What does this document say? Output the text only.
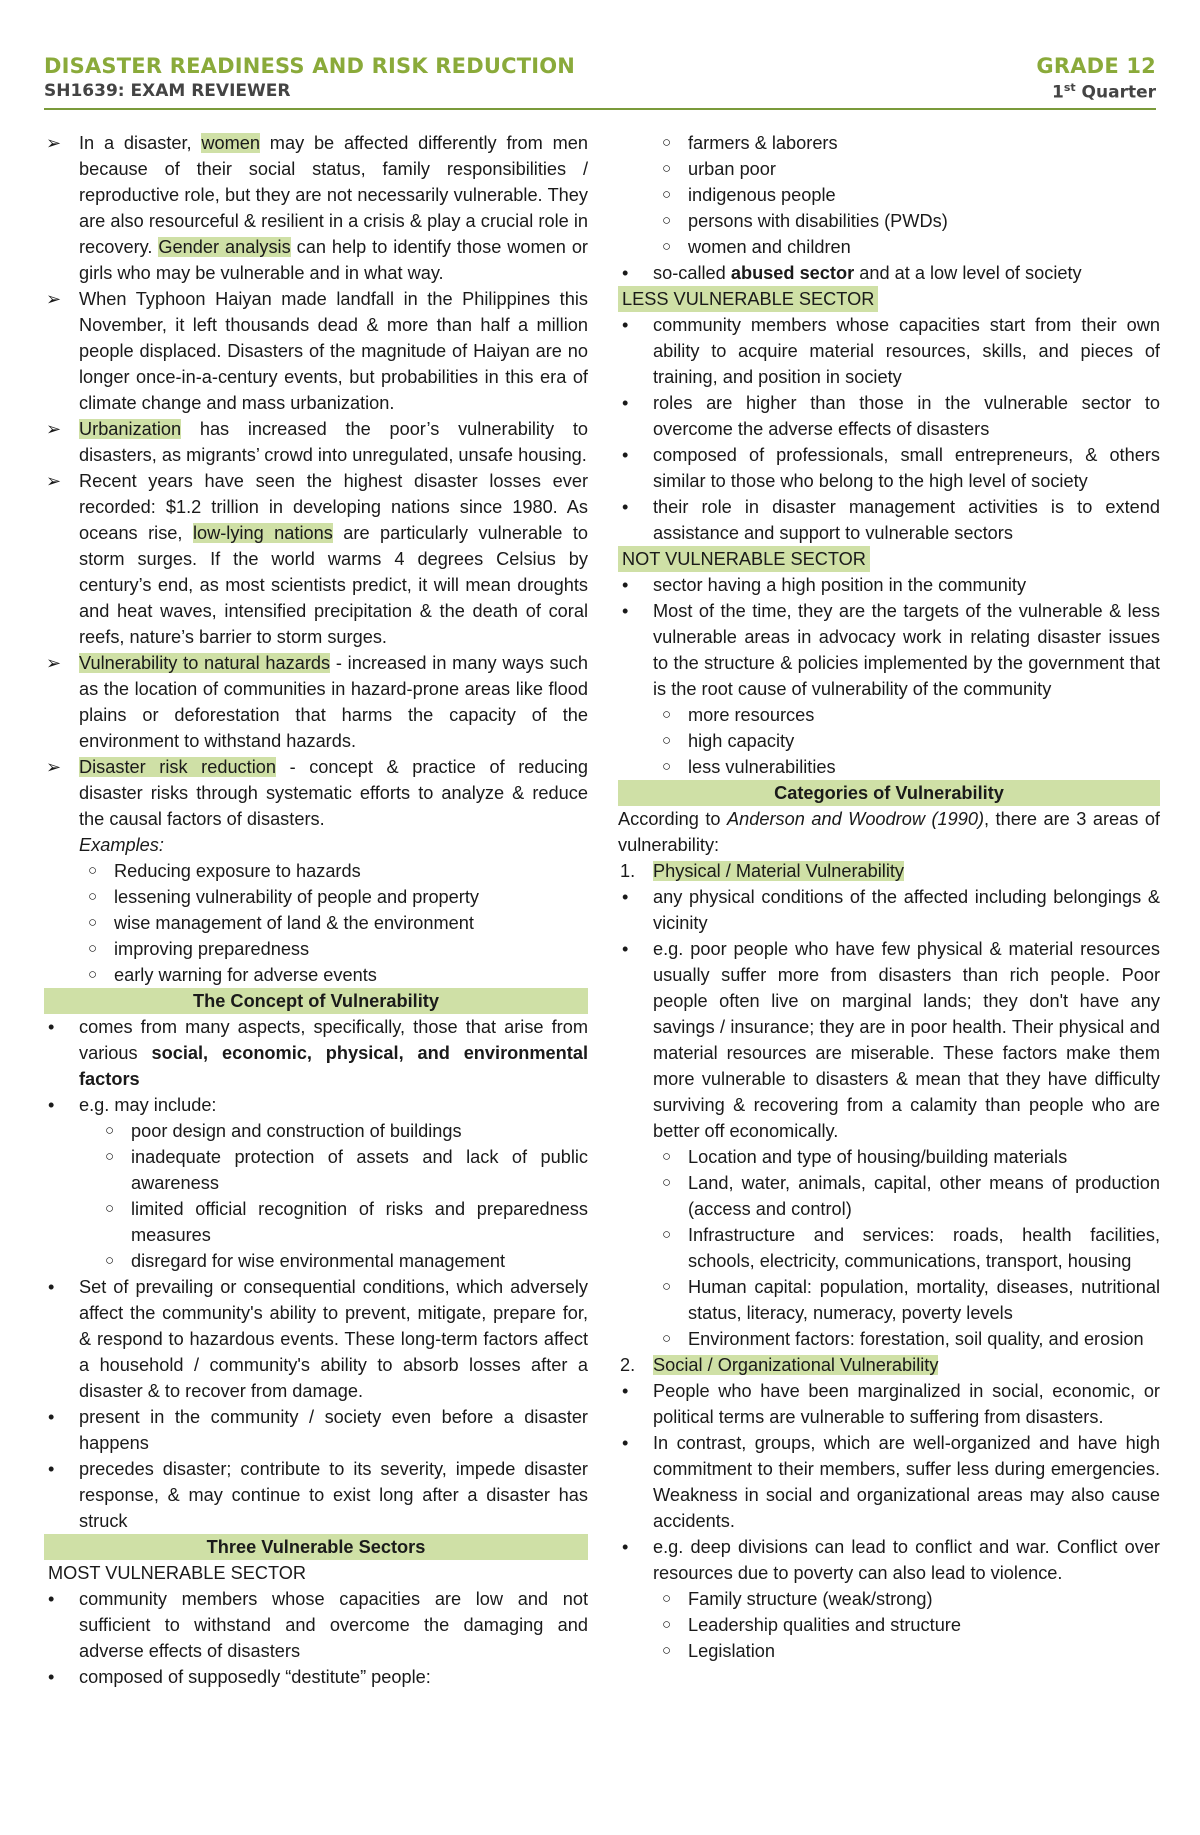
DISASTER READINESS AND RISK REDUCTION
SH1639: EXAM REVIEWER
GRADE 12
1st Quarter
➢ In a disaster, women may be affected differently from men because of their social status, family responsibilities / reproductive role, but they are not necessarily vulnerable. They are also resourceful & resilient in a crisis & play a crucial role in recovery. Gender analysis can help to identify those women or girls who may be vulnerable and in what way.
➢ When Typhoon Haiyan made landfall in the Philippines this November, it left thousands dead & more than half a million people displaced. Disasters of the magnitude of Haiyan are no longer once-in-a-century events, but probabilities in this era of climate change and mass urbanization.
➢ Urbanization has increased the poor’s vulnerability to disasters, as migrants’ crowd into unregulated, unsafe housing.
➢ Recent years have seen the highest disaster losses ever recorded: $1.2 trillion in developing nations since 1980. As oceans rise, low-lying nations are particularly vulnerable to storm surges. If the world warms 4 degrees Celsius by century’s end, as most scientists predict, it will mean droughts and heat waves, intensified precipitation & the death of coral reefs, nature’s barrier to storm surges.
➢ Vulnerability to natural hazards - increased in many ways such as the location of communities in hazard-prone areas like flood plains or deforestation that harms the capacity of the environment to withstand hazards.
➢ Disaster risk reduction - concept & practice of reducing disaster risks through systematic efforts to analyze & reduce the causal factors of disasters.
Examples:
○ Reducing exposure to hazards
○ lessening vulnerability of people and property
○ wise management of land & the environment
○ improving preparedness
○ early warning for adverse events
The Concept of Vulnerability
• comes from many aspects, specifically, those that arise from various social, economic, physical, and environmental factors
• e.g. may include:
○ poor design and construction of buildings
○ inadequate protection of assets and lack of public awareness
○ limited official recognition of risks and preparedness measures
○ disregard for wise environmental management
• Set of prevailing or consequential conditions, which adversely affect the community's ability to prevent, mitigate, prepare for, & respond to hazardous events. These long-term factors affect a household / community's ability to absorb losses after a disaster & to recover from damage.
• present in the community / society even before a disaster happens
• precedes disaster; contribute to its severity, impede disaster response, & may continue to exist long after a disaster has struck
Three Vulnerable Sectors
MOST VULNERABLE SECTOR
• community members whose capacities are low and not sufficient to withstand and overcome the damaging and adverse effects of disasters
• composed of supposedly “destitute” people:
○ farmers & laborers
○ urban poor
○ indigenous people
○ persons with disabilities (PWDs)
○ women and children
• so-called abused sector and at a low level of society
LESS VULNERABLE SECTOR
• community members whose capacities start from their own ability to acquire material resources, skills, and pieces of training, and position in society
• roles are higher than those in the vulnerable sector to overcome the adverse effects of disasters
• composed of professionals, small entrepreneurs, & others similar to those who belong to the high level of society
• their role in disaster management activities is to extend assistance and support to vulnerable sectors
NOT VULNERABLE SECTOR
• sector having a high position in the community
• Most of the time, they are the targets of the vulnerable & less vulnerable areas in advocacy work in relating disaster issues to the structure & policies implemented by the government that is the root cause of vulnerability of the community
○ more resources
○ high capacity
○ less vulnerabilities
Categories of Vulnerability
According to Anderson and Woodrow (1990), there are 3 areas of vulnerability:
1. Physical / Material Vulnerability
• any physical conditions of the affected including belongings & vicinity
• e.g. poor people who have few physical & material resources usually suffer more from disasters than rich people. Poor people often live on marginal lands; they don't have any savings / insurance; they are in poor health. Their physical and material resources are miserable. These factors make them more vulnerable to disasters & mean that they have difficulty surviving & recovering from a calamity than people who are better off economically.
○ Location and type of housing/building materials
○ Land, water, animals, capital, other means of production (access and control)
○ Infrastructure and services: roads, health facilities, schools, electricity, communications, transport, housing
○ Human capital: population, mortality, diseases, nutritional status, literacy, numeracy, poverty levels
○ Environment factors: forestation, soil quality, and erosion
2. Social / Organizational Vulnerability
• People who have been marginalized in social, economic, or political terms are vulnerable to suffering from disasters.
• In contrast, groups, which are well-organized and have high commitment to their members, suffer less during emergencies. Weakness in social and organizational areas may also cause accidents.
• e.g. deep divisions can lead to conflict and war. Conflict over resources due to poverty can also lead to violence.
○ Family structure (weak/strong)
○ Leadership qualities and structure
○ Legislation
